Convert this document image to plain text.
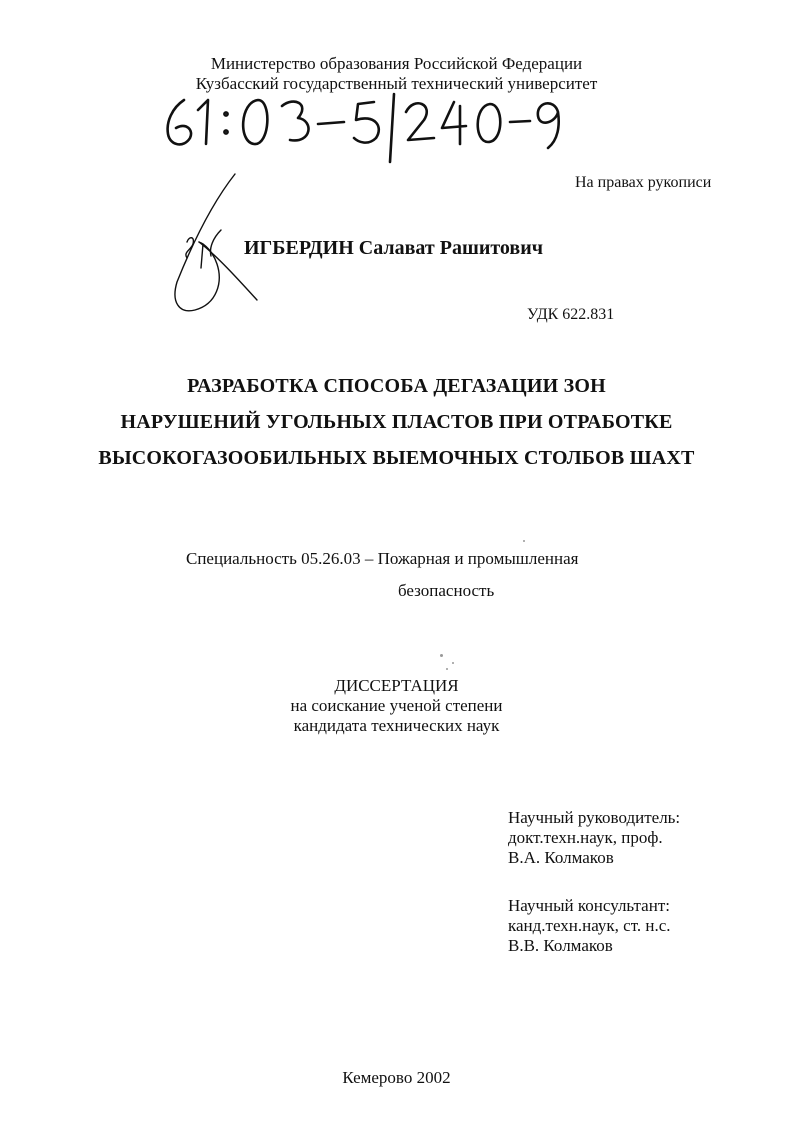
Министерство образования Российской Федерации
Кузбасский государственный технический университет
На правах рукописи
ИГБЕРДИН Салават Рашитович
УДК 622.831
РАЗРАБОТКА СПОСОБА ДЕГАЗАЦИИ ЗОН
НАРУШЕНИЙ УГОЛЬНЫХ ПЛАСТОВ ПРИ ОТРАБОТКЕ
ВЫСОКОГАЗООБИЛЬНЫХ ВЫЕМОЧНЫХ СТОЛБОВ ШАХТ
Специальность 05.26.03 – Пожарная и промышленная
безопасность
ДИССЕРТАЦИЯ
на соискание ученой степени
кандидата технических наук
Научный руководитель:
докт.техн.наук, проф.
В.А. Колмаков
Научный консультант:
канд.техн.наук, ст. н.с.
В.В. Колмаков
Кемерово 2002
